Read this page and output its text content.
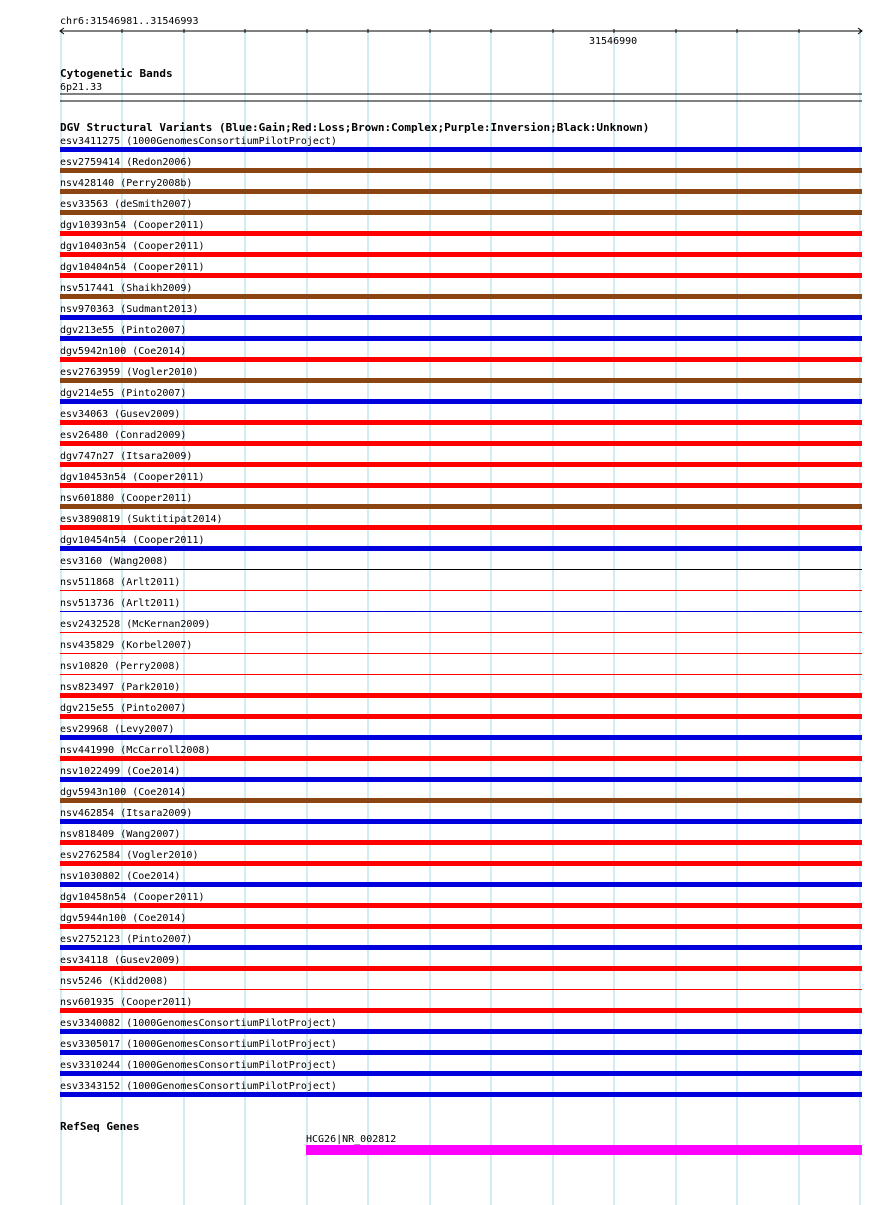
chr6:31546981..31546993
31546990
Cytogenetic Bands
6p21.33
DGV Structural Variants (Blue:Gain;Red:Loss;Brown:Complex;Purple:Inversion;Black:Unknown)
esv3411275 (1000GenomesConsortiumPilotProject)
esv2759414 (Redon2006)
nsv428140 (Perry2008b)
esv33563 (deSmith2007)
dgv10393n54 (Cooper2011)
dgv10403n54 (Cooper2011)
dgv10404n54 (Cooper2011)
nsv517441 (Shaikh2009)
nsv970363 (Sudmant2013)
dgv213e55 (Pinto2007)
dgv5942n100 (Coe2014)
esv2763959 (Vogler2010)
dgv214e55 (Pinto2007)
esv34063 (Gusev2009)
esv26480 (Conrad2009)
dgv747n27 (Itsara2009)
dgv10453n54 (Cooper2011)
nsv601880 (Cooper2011)
esv3890819 (Suktitipat2014)
dgv10454n54 (Cooper2011)
esv3160 (Wang2008)
nsv511868 (Arlt2011)
nsv513736 (Arlt2011)
esv2432528 (McKernan2009)
nsv435829 (Korbel2007)
nsv10820 (Perry2008)
nsv823497 (Park2010)
dgv215e55 (Pinto2007)
esv29968 (Levy2007)
nsv441990 (McCarroll2008)
nsv1022499 (Coe2014)
dgv5943n100 (Coe2014)
nsv462854 (Itsara2009)
nsv818409 (Wang2007)
esv2762584 (Vogler2010)
nsv1030802 (Coe2014)
dgv10458n54 (Cooper2011)
dgv5944n100 (Coe2014)
esv2752123 (Pinto2007)
esv34118 (Gusev2009)
nsv5246 (Kidd2008)
nsv601935 (Cooper2011)
esv3340082 (1000GenomesConsortiumPilotProject)
esv3305017 (1000GenomesConsortiumPilotProject)
esv3310244 (1000GenomesConsortiumPilotProject)
esv3343152 (1000GenomesConsortiumPilotProject)
RefSeq Genes
HCG26|NR_002812
